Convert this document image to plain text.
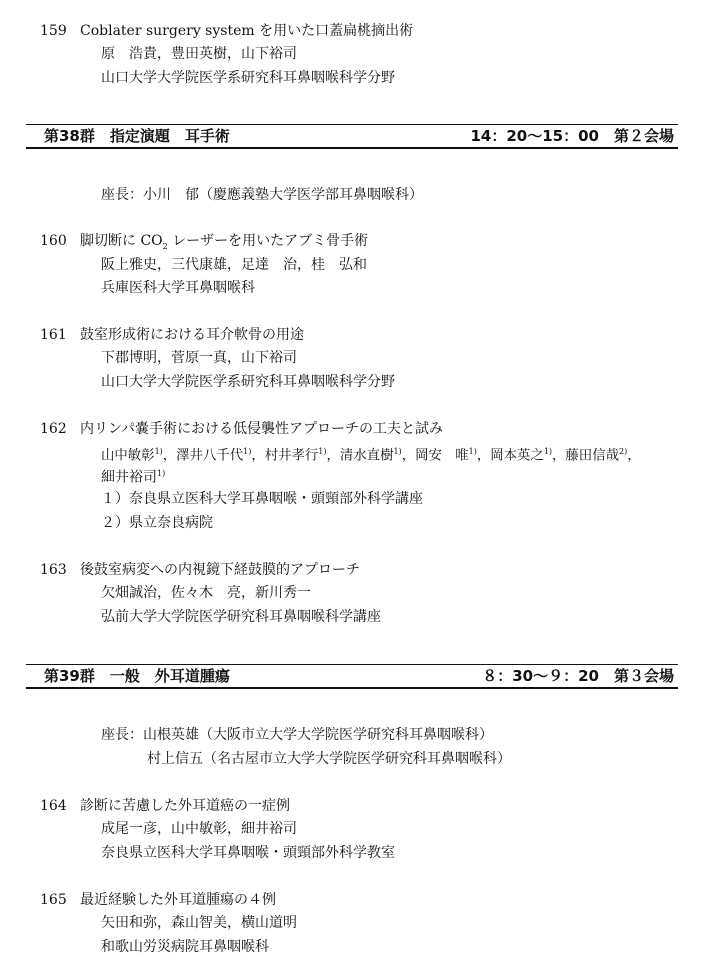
159 Coblater surgery system を用いた口蓋扁桃摘出術
原　浩貴，豊田英樹，山下裕司
山口大学大学院医学系研究科耳鼻咽喉科学分野
第38群　指定演題　耳手術	14：20〜15：00　第２会場
座長：小川　郁（慶應義塾大学医学部耳鼻咽喉科）
160 脚切断に $CO_2$ レーザーを用いたアブミ骨手術
阪上雅史，三代康雄，足達　治，桂　弘和
兵庫医科大学耳鼻咽喉科
161 鼓室形成術における耳介軟骨の用途
下郡博明，菅原一真，山下裕司
山口大学大学院医学系研究科耳鼻咽喉科学分野
162 内リンパ嚢手術における低侵襲性アプローチの工夫と試み
山中敏彰$^{1)}$，澤井八千代$^{1)}$，村井孝行$^{1)}$，清水直樹$^{1)}$，岡安　唯$^{1)}$，岡本英之$^{1)}$，藤田信哉$^{2)}$，
細井裕司$^{1)}$
１）奈良県立医科大学耳鼻咽喉・頭頸部外科学講座
２）県立奈良病院
163 後鼓室病変への内視鏡下経鼓膜的アプローチ
欠畑誠治，佐々木　亮，新川秀一
弘前大学大学院医学研究科耳鼻咽喉科学講座
第39群　一般　外耳道腫瘍	８：30〜９：20　第３会場
座長：山根英雄（大阪市立大学大学院医学研究科耳鼻咽喉科）
村上信五（名古屋市立大学大学院医学研究科耳鼻咽喉科）
164 診断に苦慮した外耳道癌の一症例
成尾一彦，山中敏彰，細井裕司
奈良県立医科大学耳鼻咽喉・頭頸部外科学教室
165 最近経験した外耳道腫瘍の４例
矢田和弥，森山智美，横山道明
和歌山労災病院耳鼻咽喉科
